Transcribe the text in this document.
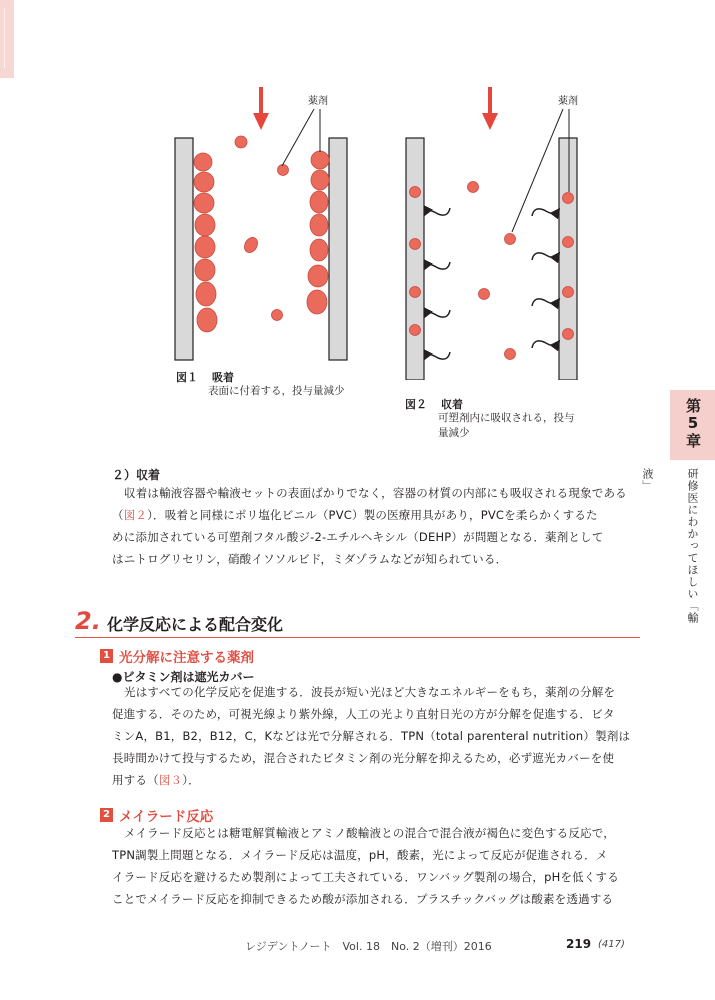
薬剤	薬剤
図１ 吸着
表面に付着する，投与量減少
図２ 収着
可塑剤内に吸収される，投与
量減少	第5章
研修医にわかってほしい「輸液」
２）収着
収着は輸液容器や輸液セットの表面ばかりでなく，容器の材質の内部にも吸収される現象である
（図２）．吸着と同様にポリ塩化ビニル（PVC）製の医療用具があり，PVCを柔らかくするた
めに添加されている可塑剤フタル酸ジ-2-エチルヘキシル（DEHP）が問題となる．薬剤として
はニトログリセリン，硝酸イソソルビド，ミダゾラムなどが知られている．
2. 化学反応による配合変化
1 光分解に注意する薬剤
●ビタミン剤は遮光カバー
光はすべての化学反応を促進する．波長が短い光ほど大きなエネルギーをもち，薬剤の分解を
促進する．そのため，可視光線より紫外線，人工の光より直射日光の方が分解を促進する．ビタ
ミンA，B1，B2，B12，C，Kなどは光で分解される．TPN（total parenteral nutrition）製剤は
長時間かけて投与するため，混合されたビタミン剤の光分解を抑えるため，必ず遮光カバーを使
用する（図３）．
2 メイラード反応
メイラード反応とは糖電解質輸液とアミノ酸輸液との混合で混合液が褐色に変色する反応で，
TPN調製上問題となる．メイラード反応は温度，pH，酸素，光によって反応が促進される．メ
イラード反応を避けるため製剤によって工夫されている．ワンバッグ製剤の場合，pHを低くする
ことでメイラード反応を抑制できるため酸が添加される．プラスチックバッグは酸素を透過する
レジデントノート　Vol. 18　No. 2（増刊）2016	219 (417)
